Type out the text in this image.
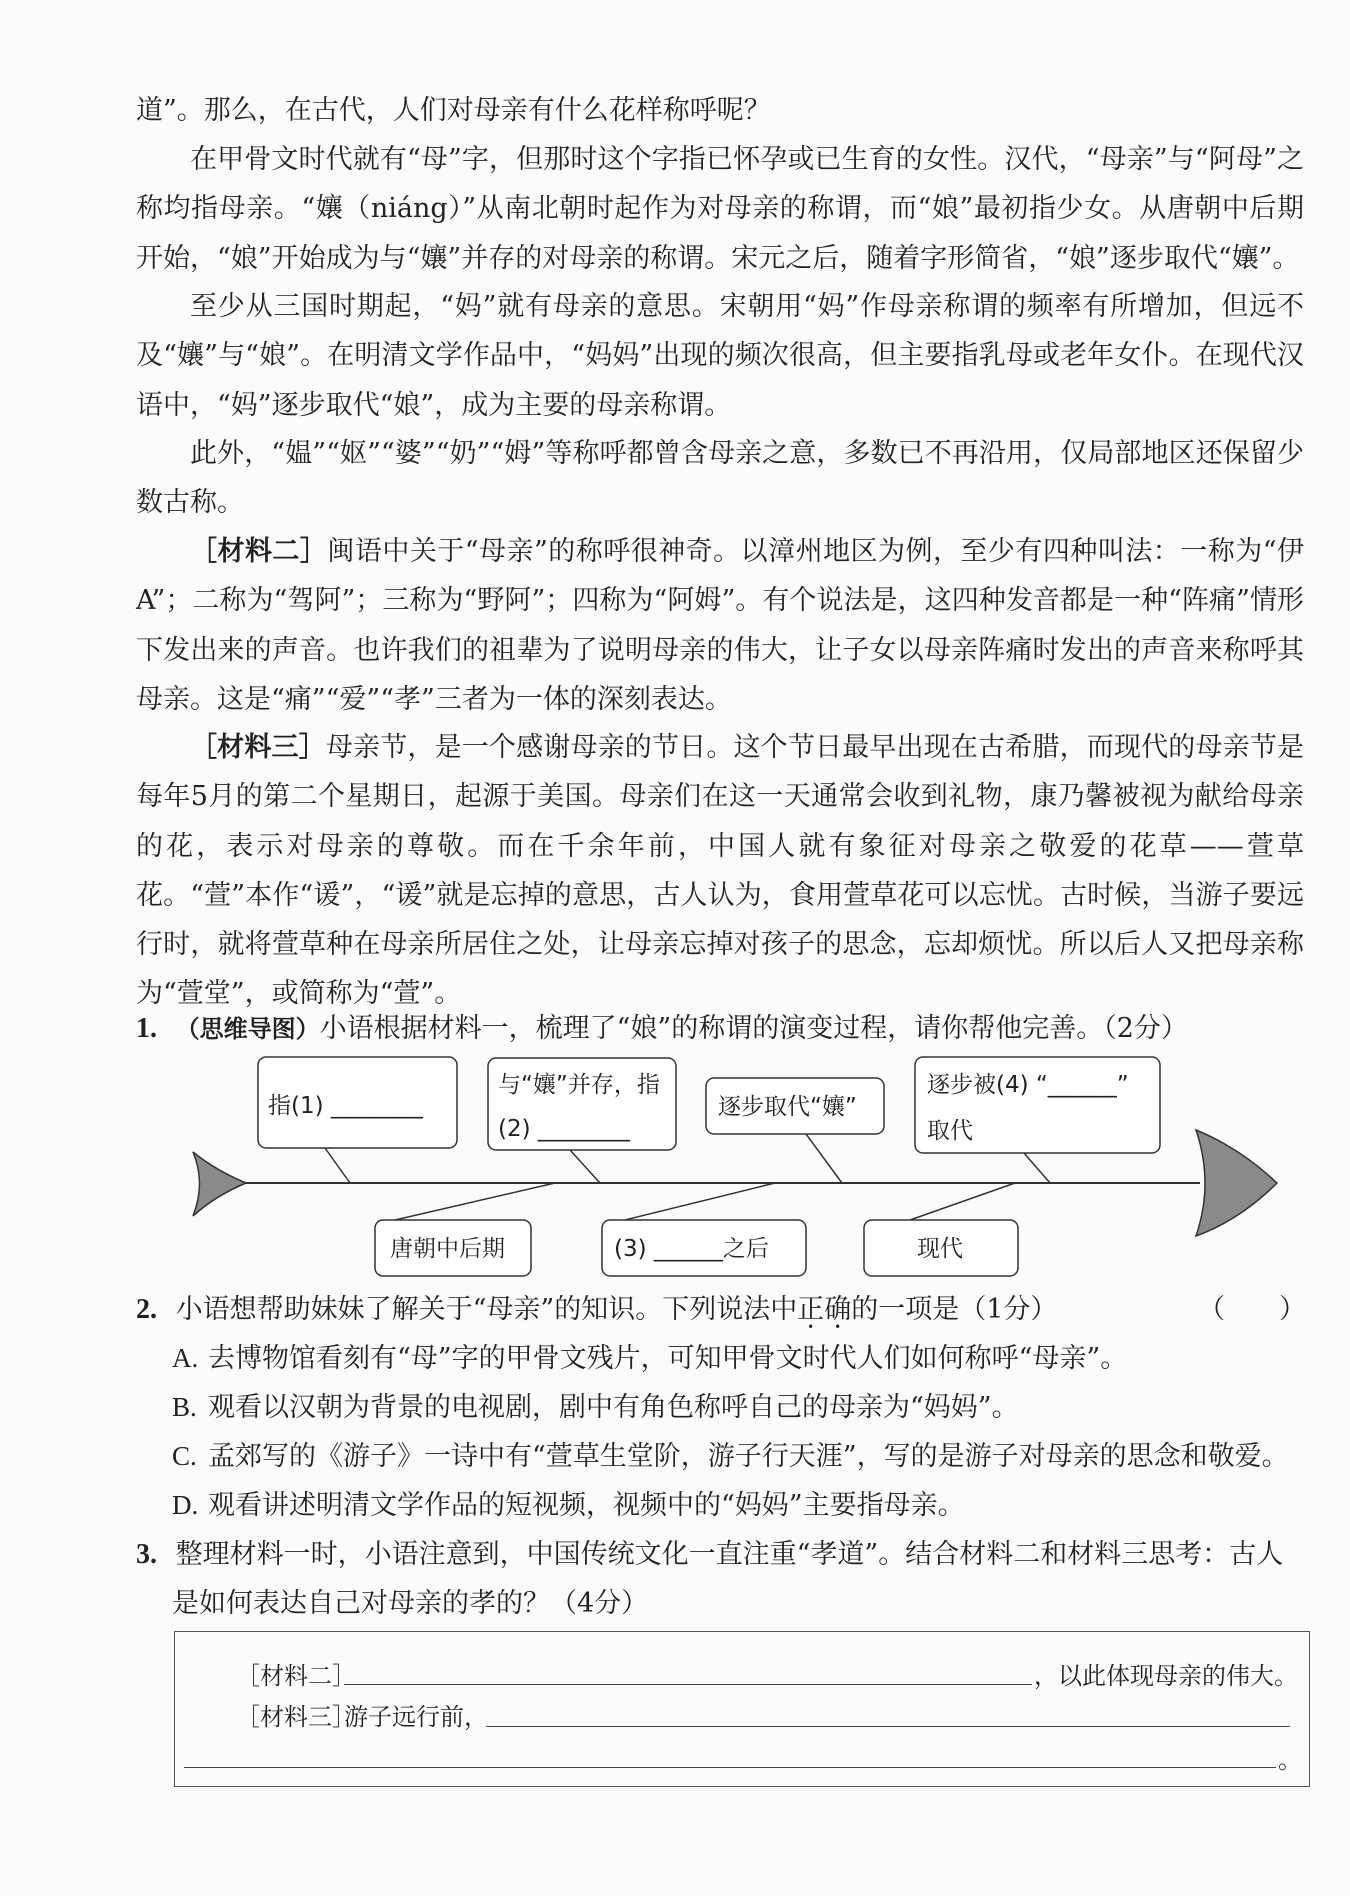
道”。那么，在古代，人们对母亲有什么花样称呼呢？

在甲骨文时代就有“母”字，但那时这个字指已怀孕或已生育的女性。汉代，“母亲”与“阿母”之称均指母亲。“孃（niáng）”从南北朝时起作为对母亲的称谓，而“娘”最初指少女。从唐朝中后期开始，“娘”开始成为与“孃”并存的对母亲的称谓。宋元之后，随着字形简省，“娘”逐步取代“孃”。

至少从三国时期起，“妈”就有母亲的意思。宋朝用“妈”作母亲称谓的频率有所增加，但远不及“孃”与“娘”。在明清文学作品中，“妈妈”出现的频次很高，但主要指乳母或老年女仆。在现代汉语中，“妈”逐步取代“娘”，成为主要的母亲称谓。

此外，“媪”“妪”“婆”“奶”“姆”等称呼都曾含母亲之意，多数已不再沿用，仅局部地区还保留少数古称。

［材料二］闽语中关于“母亲”的称呼很神奇。以漳州地区为例，至少有四种叫法：一称为“伊A”；二称为“驾阿”；三称为“野阿”；四称为“阿姆”。有个说法是，这四种发音都是一种“阵痛”情形下发出来的声音。也许我们的祖辈为了说明母亲的伟大，让子女以母亲阵痛时发出的声音来称呼其母亲。这是“痛”“爱”“孝”三者为一体的深刻表达。

［材料三］母亲节，是一个感谢母亲的节日。这个节日最早出现在古希腊，而现代的母亲节是每年5月的第二个星期日，起源于美国。母亲们在这一天通常会收到礼物，康乃馨被视为献给母亲的花，表示对母亲的尊敬。而在千余年前，中国人就有象征对母亲之敬爱的花草——萱草花。“萱”本作“谖”，“谖”就是忘掉的意思，古人认为，食用萱草花可以忘忧。古时候，当游子要远行时，就将萱草种在母亲所居住之处，让母亲忘掉对孩子的思念，忘却烦忧。所以后人又把母亲称为“萱堂”，或简称为“萱”。

1. （思维导图）小语根据材料一，梳理了“娘”的称谓的演变过程，请你帮他完善。（2分）
指(1) ________
与“孃”并存，指
(2) ________
逐步取代“孃”
逐步被(4) “______”
取代
唐朝中后期	(3) ______之后	现代
2. 小语想帮助妹妹了解关于“母亲”的知识。下列说法中正确的一项是（1分）	（　　）
A. 去博物馆看刻有“母”字的甲骨文残片，可知甲骨文时代人们如何称呼“母亲”。
B. 观看以汉朝为背景的电视剧，剧中有角色称呼自己的母亲为“妈妈”。
C. 孟郊写的《游子》一诗中有“萱草生堂阶，游子行天涯”，写的是游子对母亲的思念和敬爱。
D. 观看讲述明清文学作品的短视频，视频中的“妈妈”主要指母亲。
3. 整理材料一时，小语注意到，中国传统文化一直注重“孝道”。结合材料二和材料三思考：古人
是如何表达自己对母亲的孝的？（4分）
［材料二］	，以此体现母亲的伟大。
［材料三］
游子远行前，
。
